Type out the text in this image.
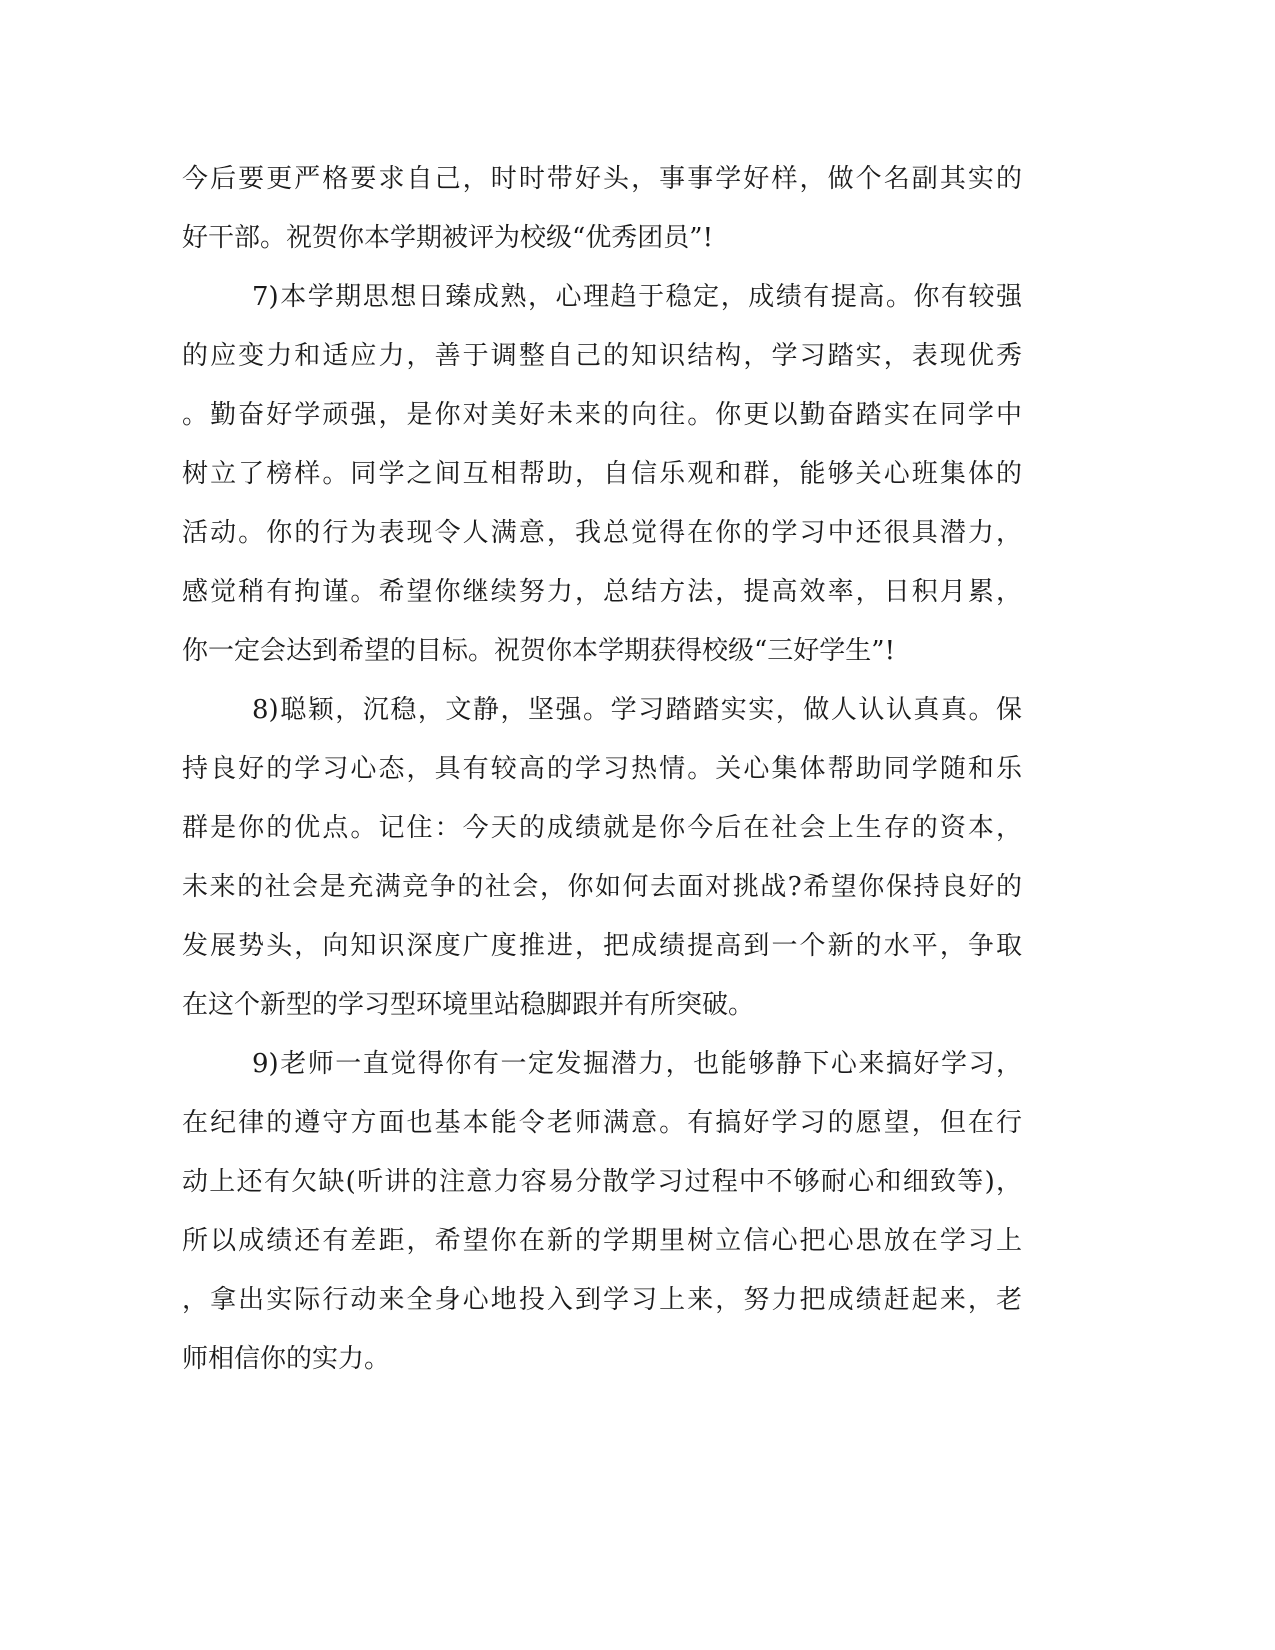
今后要更严格要求自己，时时带好头，事事学好样，做个名副其实的
好干部。祝贺你本学期被评为校级“优秀团员”!
7)本学期思想日臻成熟，心理趋于稳定，成绩有提高。你有较强
的应变力和适应力，善于调整自己的知识结构，学习踏实，表现优秀
。勤奋好学顽强，是你对美好未来的向往。你更以勤奋踏实在同学中
树立了榜样。同学之间互相帮助，自信乐观和群，能够关心班集体的
活动。你的行为表现令人满意，我总觉得在你的学习中还很具潜力，
感觉稍有拘谨。希望你继续努力，总结方法，提高效率，日积月累，
你一定会达到希望的目标。祝贺你本学期获得校级“三好学生”!
8)聪颖，沉稳，文静，坚强。学习踏踏实实，做人认认真真。保
持良好的学习心态，具有较高的学习热情。关心集体帮助同学随和乐
群是你的优点。记住：今天的成绩就是你今后在社会上生存的资本，
未来的社会是充满竞争的社会，你如何去面对挑战?希望你保持良好的
发展势头，向知识深度广度推进，把成绩提高到一个新的水平，争取
在这个新型的学习型环境里站稳脚跟并有所突破。
9)老师一直觉得你有一定发掘潜力，也能够静下心来搞好学习，
在纪律的遵守方面也基本能令老师满意。有搞好学习的愿望，但在行
动上还有欠缺(听讲的注意力容易分散学习过程中不够耐心和细致等)，
所以成绩还有差距，希望你在新的学期里树立信心把心思放在学习上
，拿出实际行动来全身心地投入到学习上来，努力把成绩赶起来，老
师相信你的实力。
